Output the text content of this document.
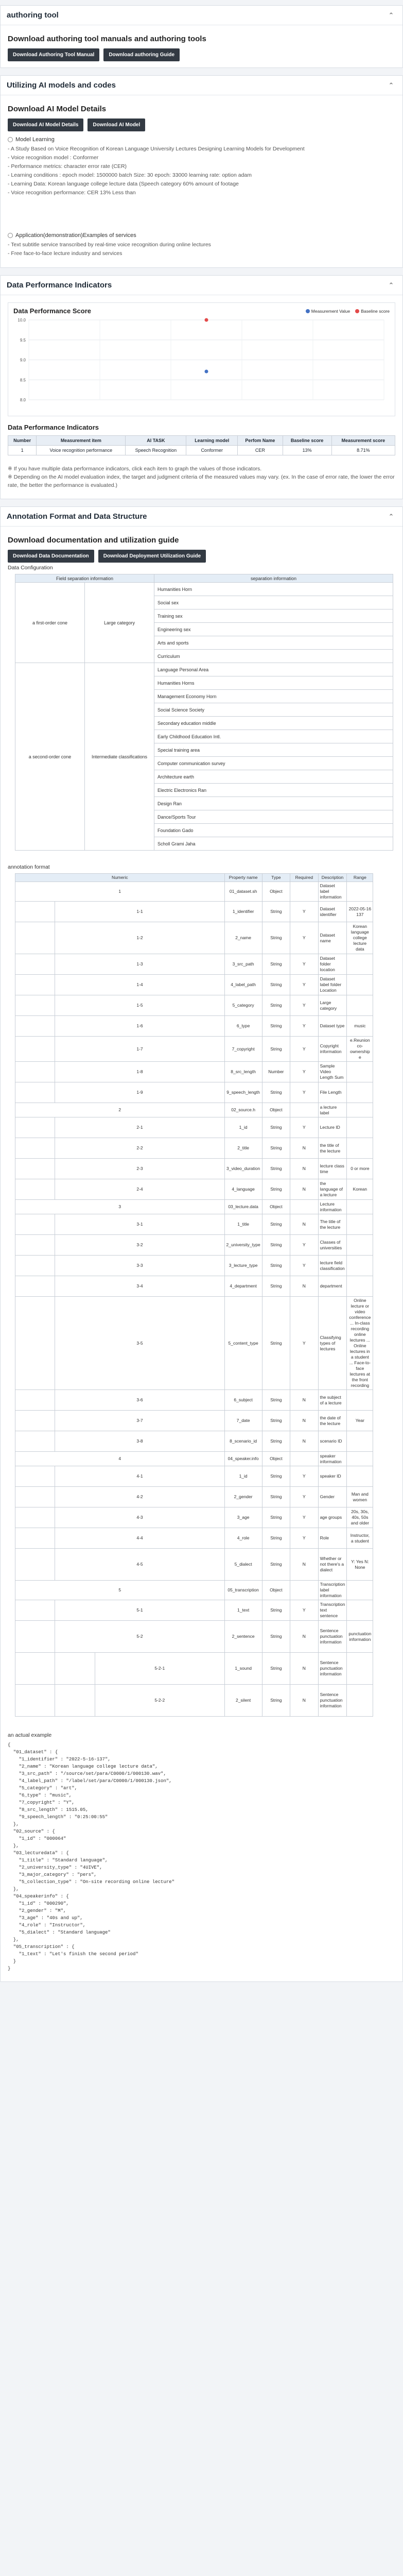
authoring tool	⌃
Download authoring tool manuals and authoring tools
Download Authoring Tool Manual	Download authoring Guide
Utilizing AI models and codes	⌃
Download AI Model Details
Download AI Model Details	Download AI Model
Model Learning
- A Study Based on Voice Recognition of Korean Language University Lectures Designing Learning Models for Development
- Voice recognition model : Conformer
- Performance metrics: character error rate (CER)
- Learning conditions : epoch model: 1500000 batch Size: 30 epoch: 33000 learning rate: option adam
- Learning Data: Korean language college lecture data (Speech category 60% amount of footage
- Voice recognition performance: CER 13% Less than
Application(demonstration)Examples of services
- Text subtitle service transcribed by real-time voice recognition during online lectures
- Free face-to-face lecture industry and services
Data Performance Indicators	⌃
Data Performance Score	Measurement Value	Baseline score
10.0
9.5
9.0
8.5
8.0
Data Performance Indicators
Number	Measurement item	AI TASK	Learning model	Perfom Name	Baseline score	Measurement score
1	Voice recognition performance	Speech Recognition	Conformer	CER	13%	8.71%

※ If you have multiple data performance indicators, click each item to graph the values of those indicators.

※ Depending on the AI model evaluation index, the target and judgment criteria of the measured values may vary. (ex. In the case of error rate, the lower the error rate, the better the performance is evaluated.)

Annotation Format and Data Structure	⌃
Download documentation and utilization guide
Download Data Documentation	Download Deployment Utilization Guide
Data Configuration
Field separation information		separation information
a first-order cone	Large category	Humanities Horn
		Social sex
		Training sex
		Engineering sex
		Arts and sports
		Curriculum
a second-order cone	Intermediate classifications	Language Personal Area
		Humanities Horns
		Management Economy Horn
		Social Science Society
		Secondary education middle
		Early Childhood Education Intl.
		Special training area
		Computer communication survey
		Architecture earth
		Electric Electronics Ran
		Design Ran
		Dance/Sports Tour
		Foundation Gado
		Scholl Grami Jaha
annotation format
Numeric			Property name	Type	Required	Description	Range
1			01_dataset.sh	Object		Dataset label information	
	1-1		1_identifier	String	Y	Dataset identifier	2022-05-16 137
	1-2		2_name	String	Y	Dataset name	Korean language college lecture data
	1-3		3_src_path	String	Y	Dataset folder location	
	1-4		4_label_path	String	Y	Dataset label folder Location	
	1-5		5_category	String	Y	Large category	
	1-6		6_type	String	Y	Dataset type	music
	1-7		7_copyright	String	Y	Copyright information	e.Reunion co-ownership e
	1-8		8_src_length	Number	Y	Sample Video Length Sum	
	1-9		9_speech_length	String	Y	File Length	
2			02_source.h	Object		a lecture label	
	2-1		1_id	String	Y	Lecture ID	
	2-2		2_title	String	N	the title of the lecture	
	2-3		3_video_duration	String	N	lecture class time	0 or more
	2-4		4_language	String	N	the language of a lecture	Korean
3			03_lecture.data	Object		Lecture information	
	3-1		1_title	String	N	The title of the lecture	
	3-2		2_university_type	String	Y	Classes of universities	
	3-3		3_lecture_type	String	Y	lecture field classification	
	3-4		4_department	String	N	department	
	3-5		5_content_type	String	Y	Classifying types of lectures	Online lecture or video conference ... In-class recording online lectures ... Online lectures in a student ... Face-to-face lectures at the front recording
	3-6		6_subject	String	N	the subject of a lecture	
	3-7		7_date	String	N	the date of the lecture	Year
	3-8		8_scenario_id	String	N	scenario ID	
4			04_speaker.info	Object		speaker information	
	4-1		1_id	String	Y	speaker ID	
	4-2		2_gender	String	Y	Gender	Man and women
	4-3		3_age	String	Y	age groups	20s, 30s, 40s, 50s and older
	4-4		4_role	String	Y	Role	Instructor, a student
	4-5		5_dialect	String	N	Whether or not there's a dialect	Y: Yes N: None
5			05_transcription	Object		Transcription label information	
	5-1		1_text	String	Y	Transcription text sentence	
	5-2		2_sentence	String	N	Sentence punctuation information	punctuation information
		5-2-1	1_sound	String	N	Sentence punctuation information	
		5-2-2	2_silent	String	N	Sentence punctuation information	
an actual example
{
"01_dataset" : {
"1_identifier" : "2022-5-16-137",
"2_name" : "Korean language college lecture data",
"3_src_path" : "/source/set/para/C0000/1/000130.wav",
"4_label_path" : "/label/set/para/C0000/1/000130.json",
"5_category" : "art",
"6_type" : "music",
"7_copyright" : "Y",
"8_src_length" : 1515.05,
"9_speech_length" : "0:25:00:55"
},
"02_source" : {
"1_id" : "000064"
},
"03_lecturedata" : {
"1_title" : "Standard language",
"2_university_type" : "4UIVE",
"3_major_category" : "pers",
"5_collection_type" : "On-site recording online lecture"
},
"04_speakerinfo" : {
"1_id" : "000290",
"2_gender" : "M",
"3_age" : "40s and up",
"4_role" : "Instructor",
"5_dialect" : "Standard language"
},
"05_transcription" : {
"1_text" : "Let's finish the second period"
}
}
